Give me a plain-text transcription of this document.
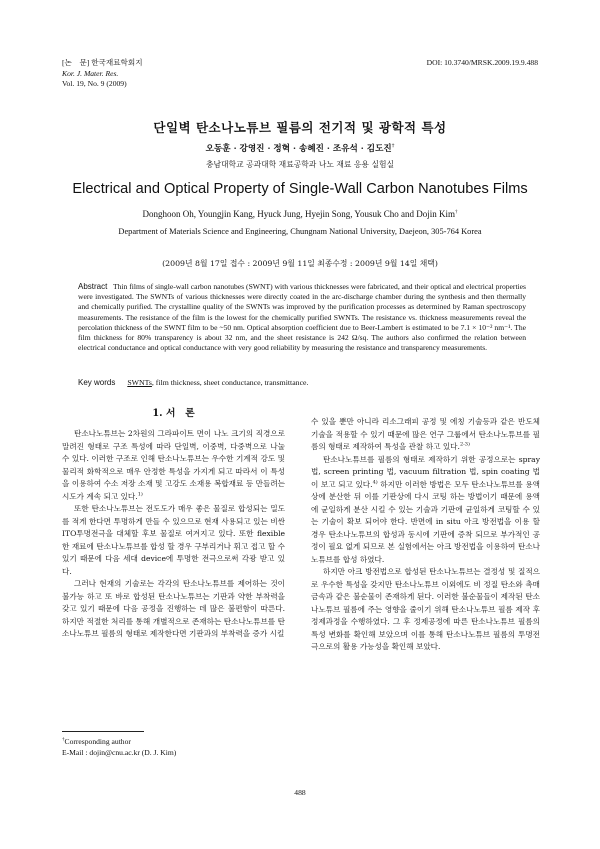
[논　문] 한국재료학회지
Kor. J. Mater. Res.
Vol. 19, No. 9 (2009)
DOI: 10.3740/MRSK.2009.19.9.488
단일벽 탄소나노튜브 필름의 전기적 및 광학적 특성
오동훈 · 강영진 · 정혁 · 송혜진 · 조유석 · 김도진†
충남대학교 공과대학 재료공학과 나노 재료 응용 실험실
Electrical and Optical Property of Single-Wall Carbon Nanotubes Films
Donghoon Oh, Youngjin Kang, Hyuck Jung, Hyejin Song, Yousuk Cho and Dojin Kim†
Department of Materials Science and Engineering, Chungnam National University, Daejeon, 305-764 Korea
(2009년 8월 17일 접수 : 2009년 9월 11일 최종수정 : 2009년 9월 14일 채택)
Abstract Thin films of single-wall carbon nanotubes (SWNT) with various thicknesses were fabricated, and their optical and electrical properties were investigated. The SWNTs of various thicknesses were directly coated in the arc-discharge chamber during the synthesis and then thermally and chemically purified. The crystalline quality of the SWNTs was improved by the purification processes as determined by Raman spectroscopy measurements. The resistance of the film is the lowest for the chemically purified SWNTs. The resistance vs. thickness measurements reveal the percolation thickness of the SWNT film to be ~50 nm. Optical absorption coefficient due to Beer-Lambert is estimated to be 7.1 × 10⁻² nm⁻¹. The film thickness for 80% transparency is about 32 nm, and the sheet resistance is 242 Ω/sq. The authors also confirmed the relation between electrical conductance and optical conductance with very good reliability by measuring the resistance and transparency measurements.
Key words SWNTs, film thickness, sheet conductance, transmittance.
1. 서　론

탄소나노튜브는 2차원의 그라파이트 면이 나노 크기의 직경으로 말려진 형태로 구조 특성에 따라 단일벽, 이중벽, 다중벽으로 나눌 수 있다. 이러한 구조로 인해 탄소나노튜브는 우수한 기계적 강도 및 물리적 화학적으로 매우 안정한 특성을 가지게 되고 따라서 이 특성을 이용하여 수소 저장 소재 및 고강도 소재용 복합재료 등 만들려는 시도가 계속 되고 있다.$^{1)}$

또한 탄소나노튜브는 전도도가 매우 좋은 물질로 합성되는 밀도를 적게 한다면 투명하게 만들 수 있으므로 현재 사용되고 있는 비싼 ITO투명전극을 대체할 후보 물질로 여겨지고 있다. 또한 flexible 한 재료에 탄소나노튜브를 합성 할 경우 구부리거나 휘고 접고 할 수 있기 때문에 다음 세대 device에 투명한 전극으로써 각광 받고 있다.

그러나 현재의 기술로는 각각의 탄소나노튜브를 제어하는 것이 불가능 하고 또 바로 합성된 탄소나노튜브는 기판과 약한 부착력을 갖고 있기 때문에 다음 공정을 진행하는 데 많은 불편함이 따른다. 하지만 적절한 처리를 통해 개별적으로 존재하는 탄소나노튜브를 탄소나노튜브 필름의 형태로 제작한다면 기판과의 부착력을 증가 시킬

수 있을 뿐만 아니라 리소그래피 공정 및 에칭 기술등과 같은 반도체 기술을 적용할 수 있기 때문에 많은 연구 그룹에서 탄소나노튜브를 필름의 형태로 제작하여 특성을 관찰 하고 있다.$^{2-3)}$

탄소나노튜브를 필름의 형태로 제작하기 위한 공정으로는 spray 법, screen printing 법, vacuum filtration 법, spin coating 법이 보고 되고 있다.$^{4)}$ 하지만 이러한 방법은 모두 탄소나노튜브를 용액 상에 분산한 뒤 이를 기판상에 다시 코팅 하는 방법이기 때문에 용액에 균일하게 분산 시킬 수 있는 기술과 기판에 균일하게 코팅할 수 있는 기술이 확보 되어야 한다. 반면에 in situ 아크 방전법을 이용 할 경우 탄소나노튜브의 합성과 동시에 기판에 증착 되므로 부가적인 공정이 필요 없게 되므로 본 실험에서는 아크 방전법을 이용하여 탄소나노튜브를 합성 하였다.

하지만 아크 방전법으로 합성된 탄소나노튜브는 결정성 및 질적으로 우수한 특성을 갖지만 탄소나노튜브 이외에도 비 정질 탄소와 촉매 금속과 같은 불순물이 존재하게 된다. 이러한 불순물들이 제작된 탄소나노튜브 필름에 주는 영향을 줄이기 위해 탄소나노튜브 필름 제작 후 정제과정을 수행하였다. 그 후 정제공정에 따른 탄소나노튜브 필름의 특성 변화를 확인해 보았으며 이를 통해 탄소나노튜브 필름의 투명전극으로의 활용 가능성을 확인해 보았다.

†Corresponding author
E-Mail : dojin@cnu.ac.kr (D. J. Kim)
488
